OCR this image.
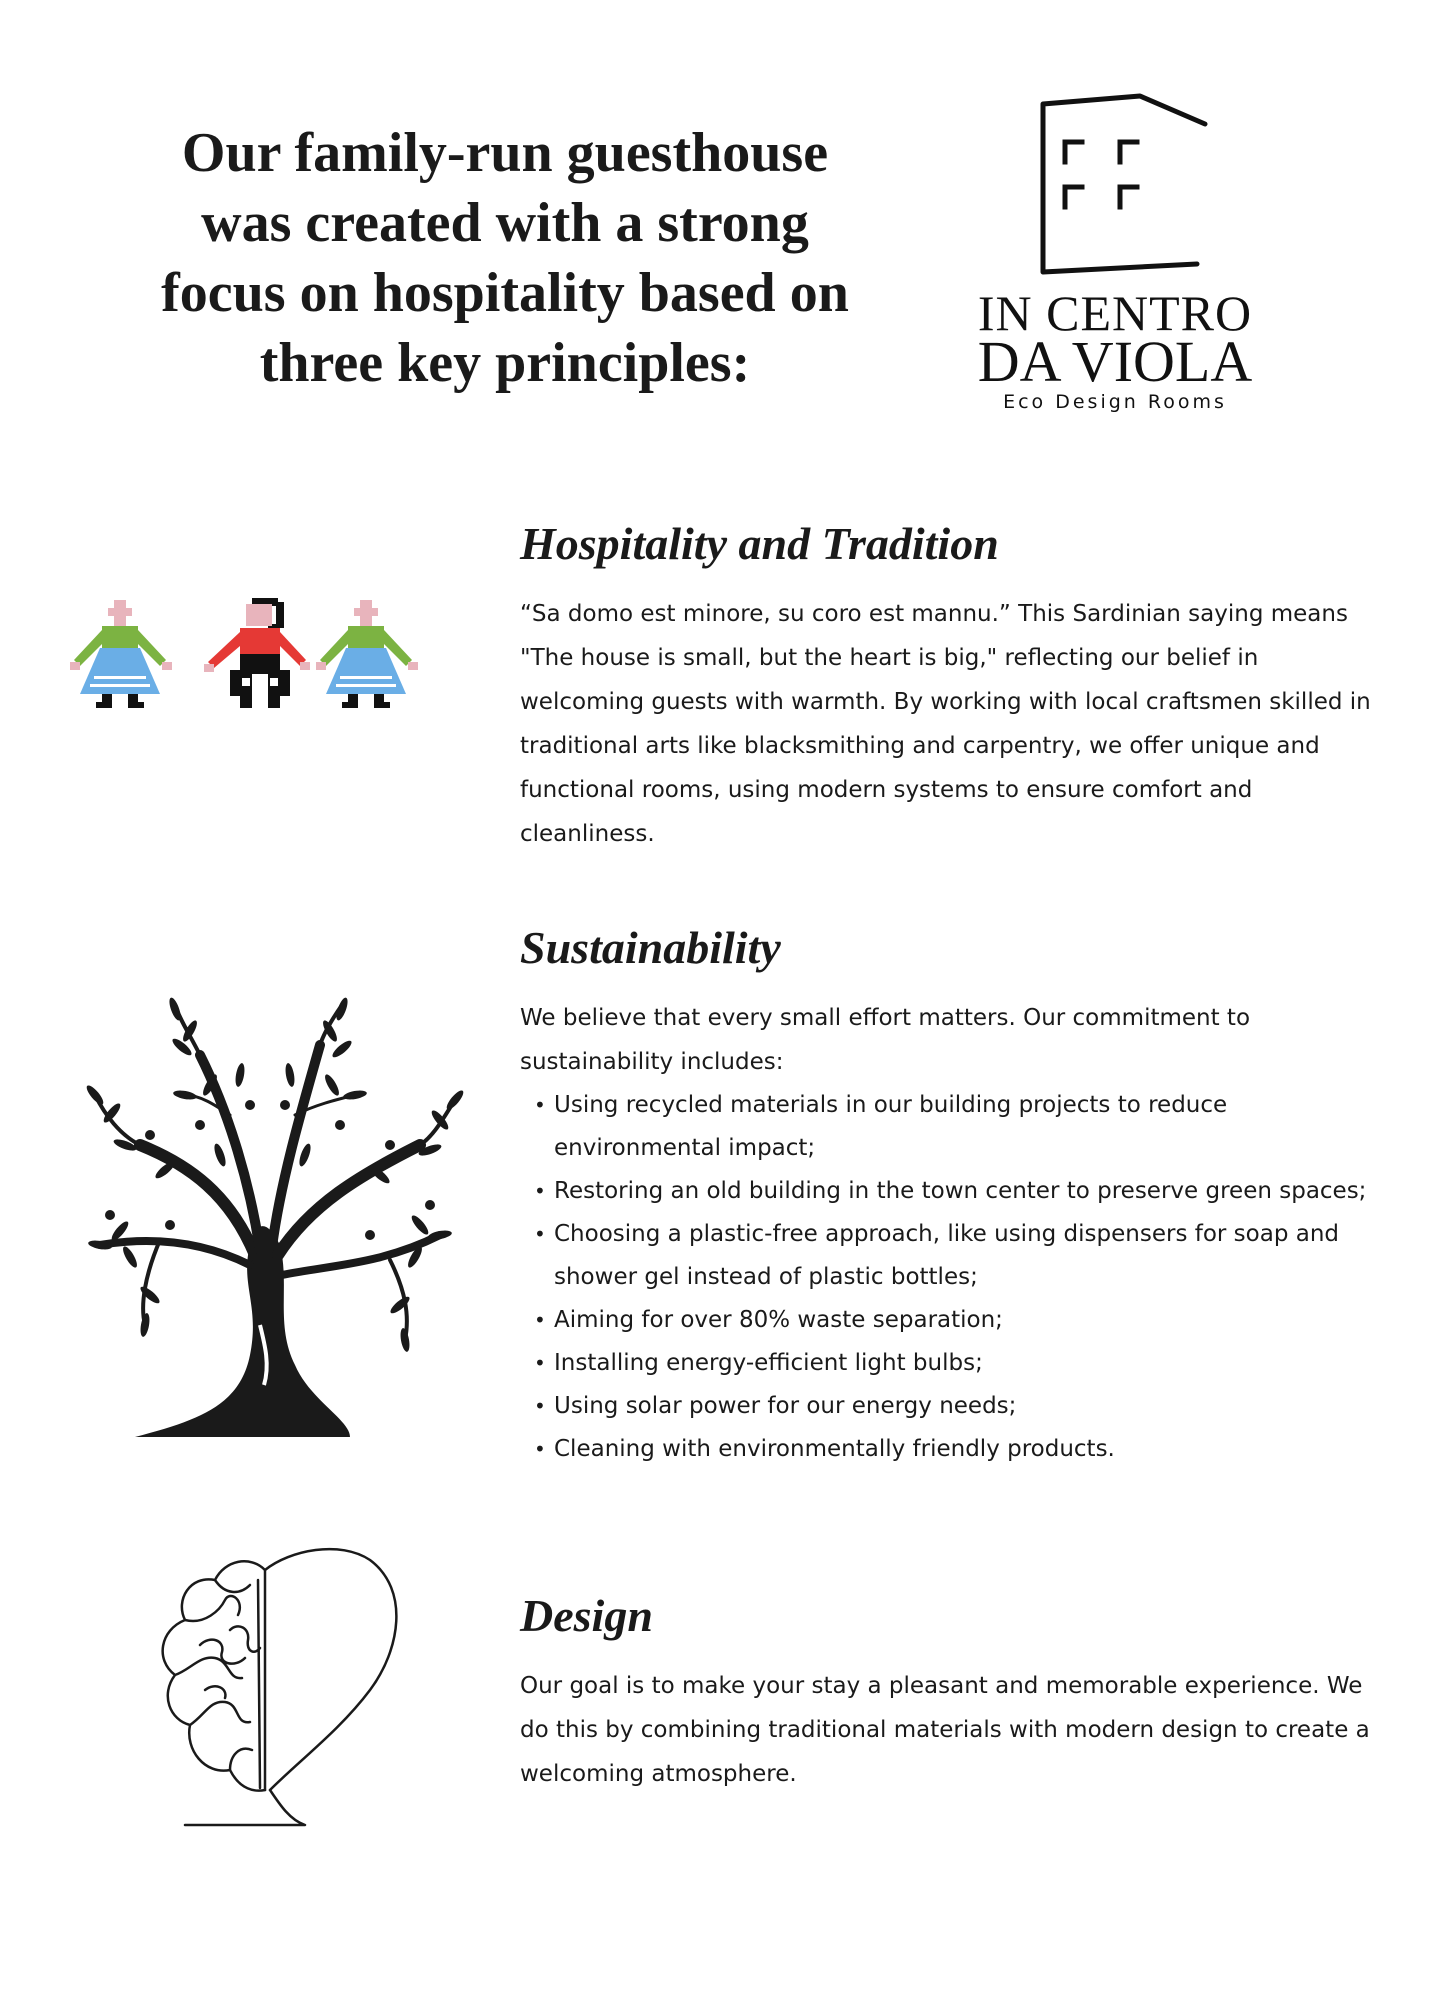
Our family-run guesthouse
was created with a strong
focus on hospitality based on
three key principles:
IN CENTRO
DA VIOLA
Eco Design Rooms
Hospitality and Tradition

“Sa domo est minore, su coro est mannu.” This Sardinian saying means "The house is small, but the heart is big," reflecting our belief in welcoming guests with warmth. By working with local craftsmen skilled in traditional arts like blacksmithing and carpentry, we offer unique and functional rooms, using modern systems to ensure comfort and cleanliness.

Sustainability

We believe that every small effort matters. Our commitment to sustainability includes:

• Using recycled materials in our building projects to reduce environmental impact;
• Restoring an old building in the town center to preserve green spaces;
• Choosing a plastic-free approach, like using dispensers for soap and shower gel instead of plastic bottles;
• Aiming for over 80% waste separation;
• Installing energy-efficient light bulbs;
• Using solar power for our energy needs;
• Cleaning with environmentally friendly products.
Design

Our goal is to make your stay a pleasant and memorable experience. We do this by combining traditional materials with modern design to create a welcoming atmosphere.
